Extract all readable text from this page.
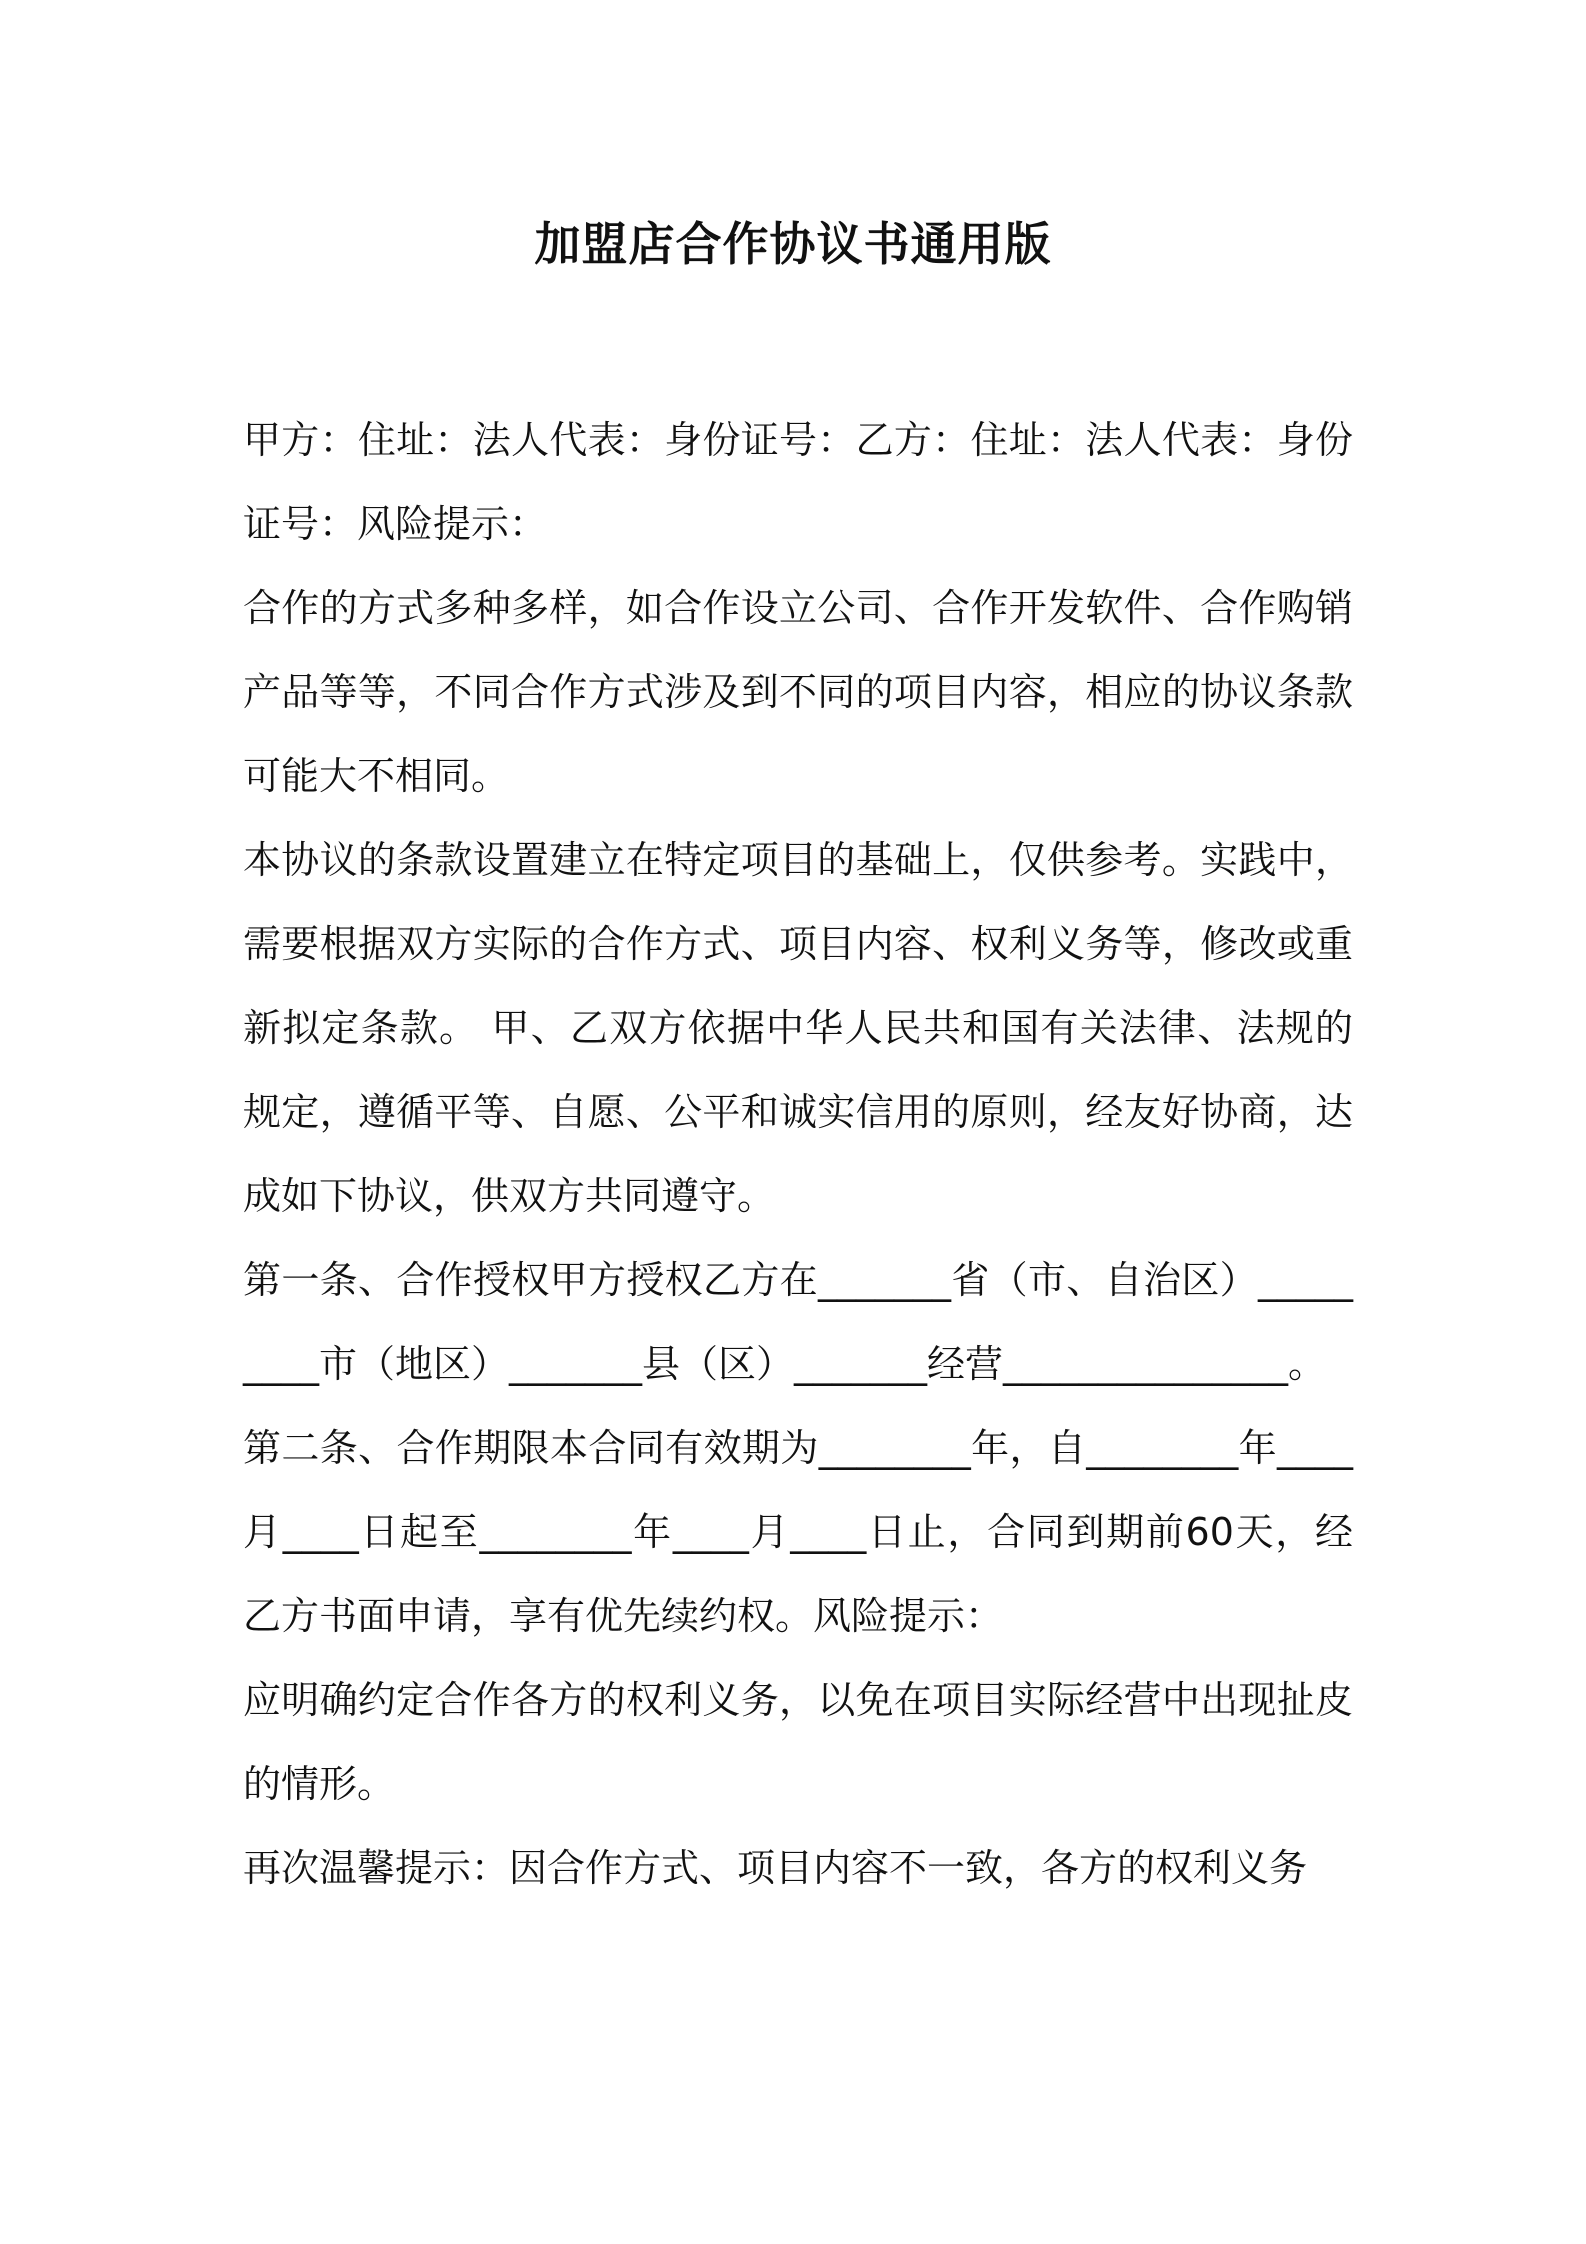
加盟店合作协议书通用版

甲方：住址：法人代表：身份证号：乙方：住址：法人代表：身份证号：风险提示：

合作的方式多种多样，如合作设立公司、合作开发软件、合作购销产品等等，不同合作方式涉及到不同的项目内容，相应的协议条款可能大不相同。

本协议的条款设置建立在特定项目的基础上，仅供参考。实践中，需要根据双方实际的合作方式、项目内容、权利义务等，修改或重新拟定条款。 甲、乙双方依据中华人民共和国有关法律、法规的规定，遵循平等、自愿、公平和诚实信用的原则，经友好协商，达成如下协议，供双方共同遵守。

第一条、合作授权甲方授权乙方在_______省（市、自治区）_________市（地区）_______县（区）_______经营_______________。

第二条、合作期限本合同有效期为________年，自________年____月____日起至________年____月____日止，合同到期前60天，经乙方书面申请，享有优先续约权。风险提示：

应明确约定合作各方的权利义务，以免在项目实际经营中出现扯皮的情形。

再次温馨提示：因合作方式、项目内容不一致，各方的权利义务
